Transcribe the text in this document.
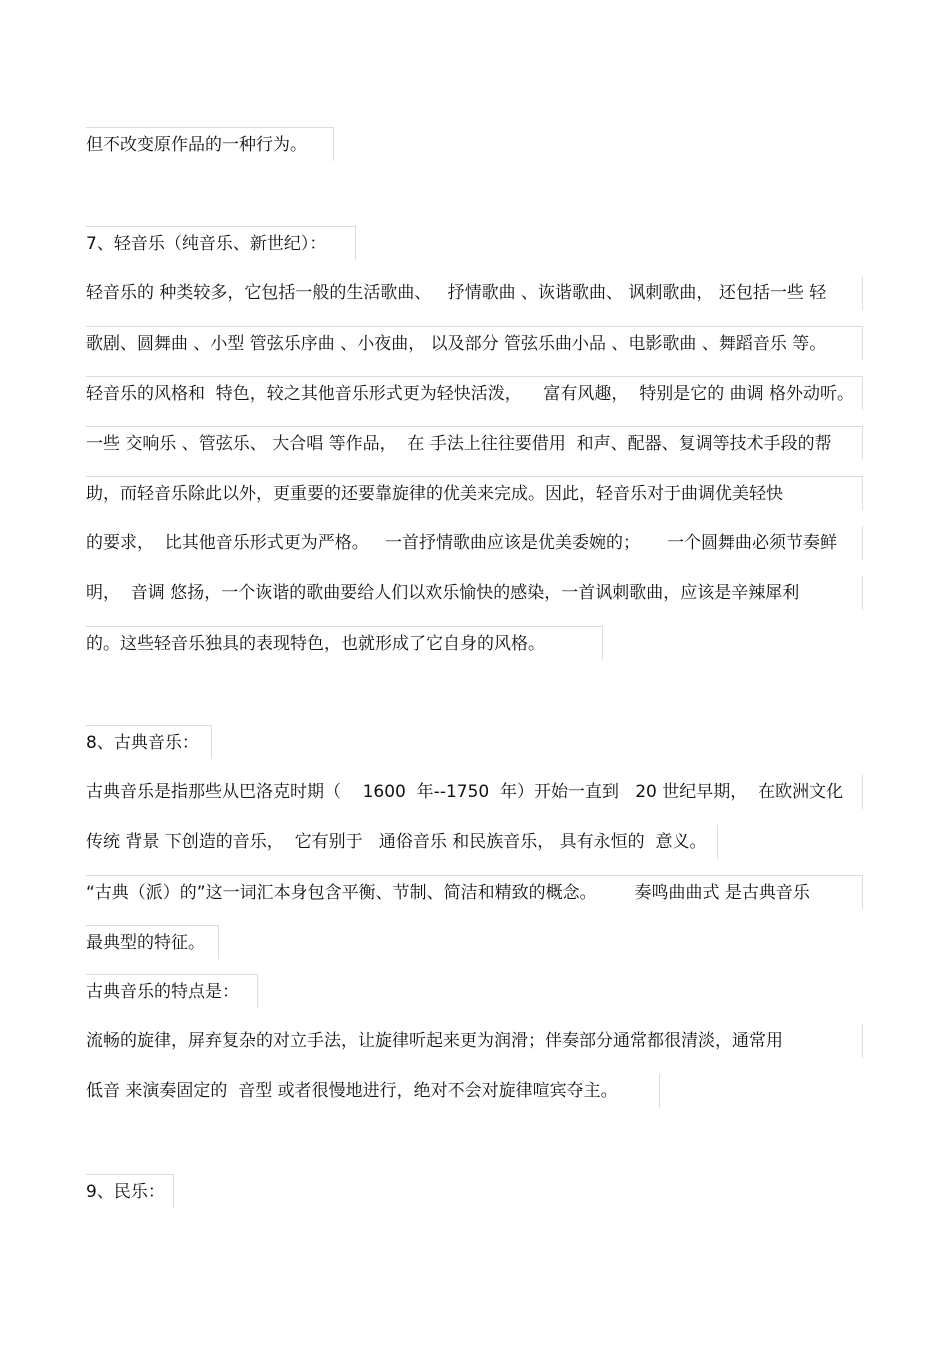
但不改变原作品的一种行为。
7、轻音乐（纯音乐、新世纪）：
轻音乐的 种类较多，它包括一般的生活歌曲、   抒情歌曲 、诙谐歌曲、 讽刺歌曲， 还包括一些 轻
歌剧、圆舞曲 、小型 管弦乐序曲 、小夜曲， 以及部分 管弦乐曲小品 、电影歌曲 、舞蹈音乐 等。
轻音乐的风格和  特色，较之其他音乐形式更为轻快活泼，    富有风趣，  特别是它的 曲调 格外动听。
一些 交响乐 、管弦乐、 大合唱 等作品，  在 手法上往往要借用  和声、配器、复调等技术手段的帮
助，而轻音乐除此以外，更重要的还要靠旋律的优美来完成。因此，轻音乐对于曲调优美轻快
的要求，  比其他音乐形式更为严格。   一首抒情歌曲应该是优美委婉的；     一个圆舞曲必须节奏鲜
明，  音调 悠扬，一个诙谐的歌曲要给人们以欢乐愉快的感染，一首讽刺歌曲，应该是辛辣犀利
的。这些轻音乐独具的表现特色，也就形成了它自身的风格。
8、古典音乐：
古典音乐是指那些从巴洛克时期（    1600  年--1750  年）开始一直到   20 世纪早期，  在欧洲文化
传统 背景 下创造的音乐，  它有别于   通俗音乐 和民族音乐， 具有永恒的  意义。
“古典（派）的”这一词汇本身包含平衡、节制、简洁和精致的概念。       奏鸣曲曲式 是古典音乐
最典型的特征。
古典音乐的特点是：
流畅的旋律，屏弃复杂的对立手法，让旋律听起来更为润滑；伴奏部分通常都很清淡，通常用
低音 来演奏固定的  音型 或者很慢地进行，绝对不会对旋律喧宾夺主。
9、民乐：
